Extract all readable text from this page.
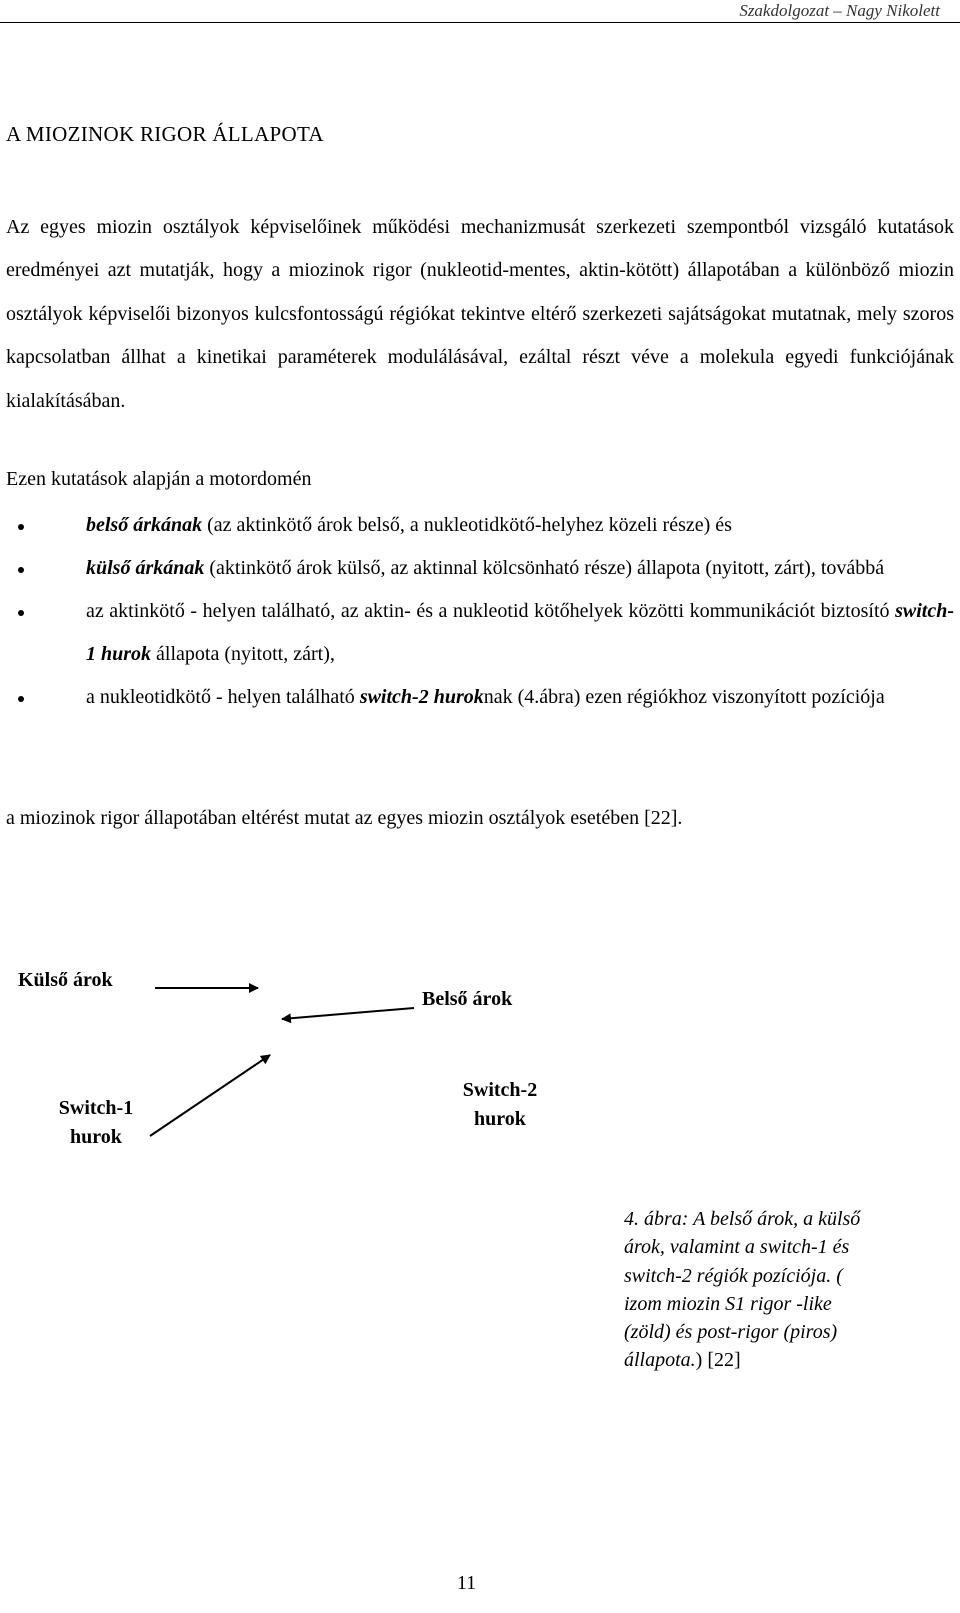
Szakdolgozat – Nagy Nikolett
A MIOZINOK RIGOR ÁLLAPOTA

Az egyes miozin osztályok képviselőinek működési mechanizmusát szerkezeti szempontból vizsgáló kutatások eredményei azt mutatják, hogy a miozinok rigor (nukleotid-mentes, aktin-kötött) állapotában a különböző miozin osztályok képviselői bizonyos kulcsfontosságú régiókat tekintve eltérő szerkezeti sajátságokat mutatnak, mely szoros kapcsolatban állhat a kinetikai paraméterek modulálásával, ezáltal részt véve a molekula egyedi funkciójának kialakításában.

Ezen kutatások alapján a motordomén

belső árkának (az aktinkötő árok belső, a nukleotidkötő-helyhez közeli része) és
külső árkának (aktinkötő árok külső, az aktinnal kölcsönható része) állapota (nyitott, zárt), továbbá
az aktinkötő - helyen található, az aktin- és a nukleotid kötőhelyek közötti kommunikációt biztosító switch-1 hurok állapota (nyitott, zárt),
a nukleotidkötő - helyen található switch-2 huroknak (4.ábra) ezen régiókhoz viszonyított pozíciója
a miozinok rigor állapotában eltérést mutat az egyes miozin osztályok esetében [22].
Külső árok
Belső árok
Switch-1
hurok
Switch-2
hurok
4. ábra: A belső árok, a külső árok, valamint a switch-1 és switch-2 régiók pozíciója. ( izom miozin S1 rigor -like (zöld) és post-rigor (piros) állapota.) [22]
11
